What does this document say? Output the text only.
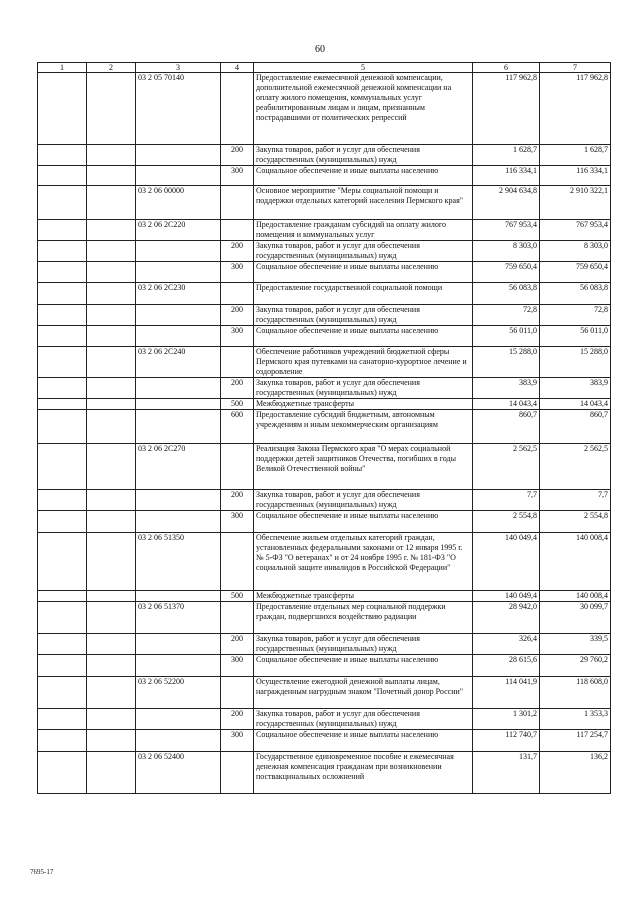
60
1	2	3	4	5	6	7
		03 2 05 70140		Предоставление ежемесячной денежной компенсации, дополнительной ежемесячной денежной компенсации на оплату жилого помещения, коммунальных услуг реабилитированным лицам и лицам, признанным пострадавшими от политических репрессий	117 962,8	117 962,8
			200	Закупка товаров, работ и услуг для обеспечения государственных (муниципальных) нужд	1 628,7	1 628,7
			300	Социальное обеспечение и иные выплаты населению	116 334,1	116 334,1
		03 2 06 00000		Основное мероприятие "Меры социальной помощи и поддержки отдельных категорий населения Пермского края"	2 904 634,8	2 910 322,1
		03 2 06 2С220		Предоставление гражданам субсидий на оплату жилого помещения и коммунальных услуг	767 953,4	767 953,4
			200	Закупка товаров, работ и услуг для обеспечения государственных (муниципальных) нужд	8 303,0	8 303,0
			300	Социальное обеспечение и иные выплаты населению	759 650,4	759 650,4
		03 2 06 2С230		Предоставление государственной социальной помощи	56 083,8	56 083,8
			200	Закупка товаров, работ и услуг для обеспечения государственных (муниципальных) нужд	72,8	72,8
			300	Социальное обеспечение и иные выплаты населению	56 011,0	56 011,0
		03 2 06 2С240		Обеспечение работников учреждений бюджетной сферы Пермского края путевками на санаторно-курортное лечение и оздоровление	15 288,0	15 288,0
			200	Закупка товаров, работ и услуг для обеспечения государственных (муниципальных) нужд	383,9	383,9
			500	Межбюджетные трансферты	14 043,4	14 043,4
			600	Предоставление субсидий бюджетным, автономным учреждениям и иным некоммерческим организациям	860,7	860,7
		03 2 06 2С270		Реализация Закона Пермского края "О мерах социальной поддержки детей защитников Отечества, погибших в годы Великой Отечественной войны"	2 562,5	2 562,5
			200	Закупка товаров, работ и услуг для обеспечения государственных (муниципальных) нужд	7,7	7,7
			300	Социальное обеспечение и иные выплаты населению	2 554,8	2 554,8
		03 2 06 51350		Обеспечение жильем отдельных категорий граждан, установленных федеральными законами от 12 января 1995 г. № 5-ФЗ "О ветеранах" и от 24 ноября 1995 г. № 181-ФЗ "О социальной защите инвалидов в Российской Федерации"	140 049,4	140 008,4
			500	Межбюджетные трансферты	140 049,4	140 008,4
		03 2 06 51370		Предоставление отдельных мер социальной поддержки граждан, подвергшихся воздействию радиации	28 942,0	30 099,7
			200	Закупка товаров, работ и услуг для обеспечения государственных (муниципальных) нужд	326,4	339,5
			300	Социальное обеспечение и иные выплаты населению	28 615,6	29 760,2
		03 2 06 52200		Осуществление ежегодной денежной выплаты лицам, награжденным нагрудным знаком "Почетный донор России"	114 041,9	118 608,0
			200	Закупка товаров, работ и услуг для обеспечения государственных (муниципальных) нужд	1 301,2	1 353,3
			300	Социальное обеспечение и иные выплаты населению	112 740,7	117 254,7
		03 2 06 52400		Государственное единовременное пособие и ежемесячная денежная компенсация гражданам при возникновении поствакцинальных осложнений	131,7	136,2
7695-17
